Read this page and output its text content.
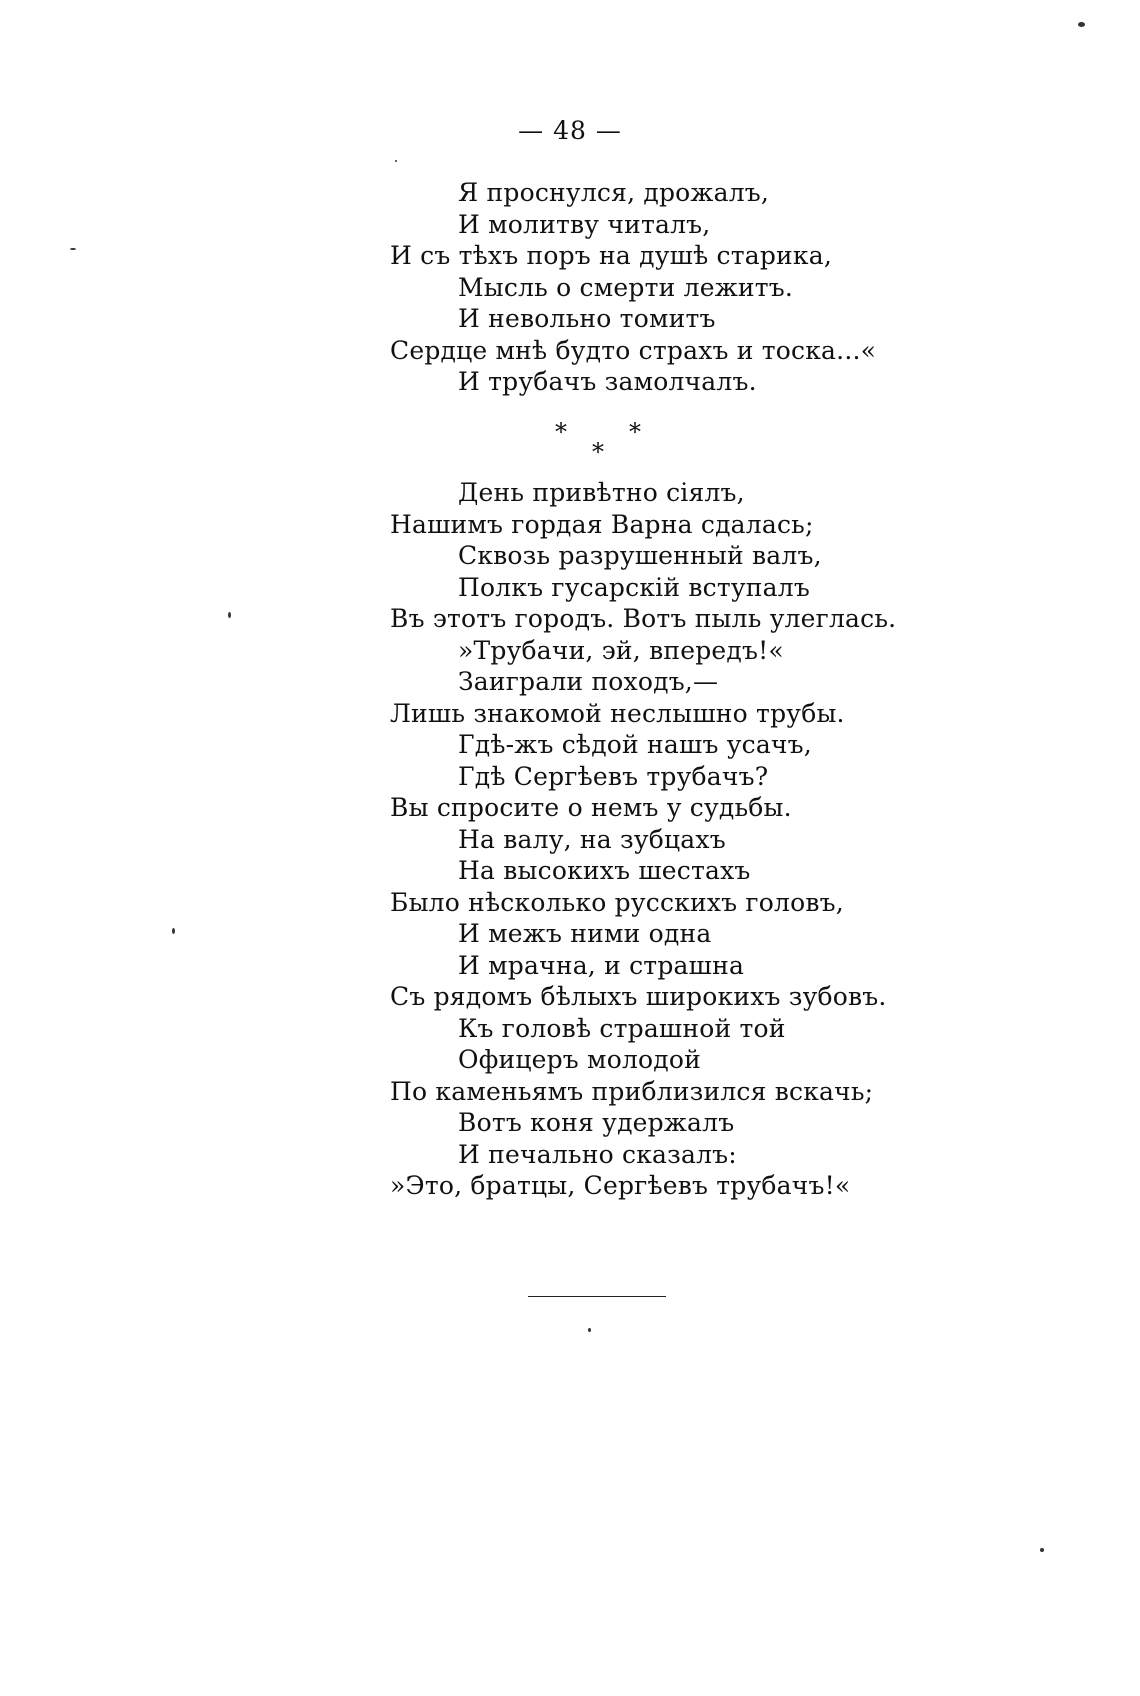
— 48 —
Я проснулся, дрожалъ,
И молитву читалъ,
И съ тѣхъ поръ на душѣ старика,
Мысль о смерти лежитъ.
И невольно томитъ
Сердце мнѣ будто страхъ и тоска...«
И трубачъ замолчалъ.
*	*
*
День привѣтно сіялъ,
Нашимъ гордая Варна сдалась;
Сквозь разрушенный валъ,
Полкъ гусарскій вступалъ
Въ этотъ городъ. Вотъ пыль улеглась.
»Трубачи, эй, впередъ!«
Заиграли походъ,—
Лишь знакомой неслышно трубы.
Гдѣ-жъ сѣдой нашъ усачъ,
Гдѣ Сергѣевъ трубачъ?
Вы спросите о немъ у судьбы.
На валу, на зубцахъ
На высокихъ шестахъ
Было нѣсколько русскихъ головъ,
И межъ ними одна
И мрачна, и страшна
Съ рядомъ бѣлыхъ широкихъ зубовъ.
Къ головѣ страшной той
Офицеръ молодой
По каменьямъ приблизился вскачь;
Вотъ коня удержалъ
И печально сказалъ:
»Это, братцы, Сергѣевъ трубачъ!«
